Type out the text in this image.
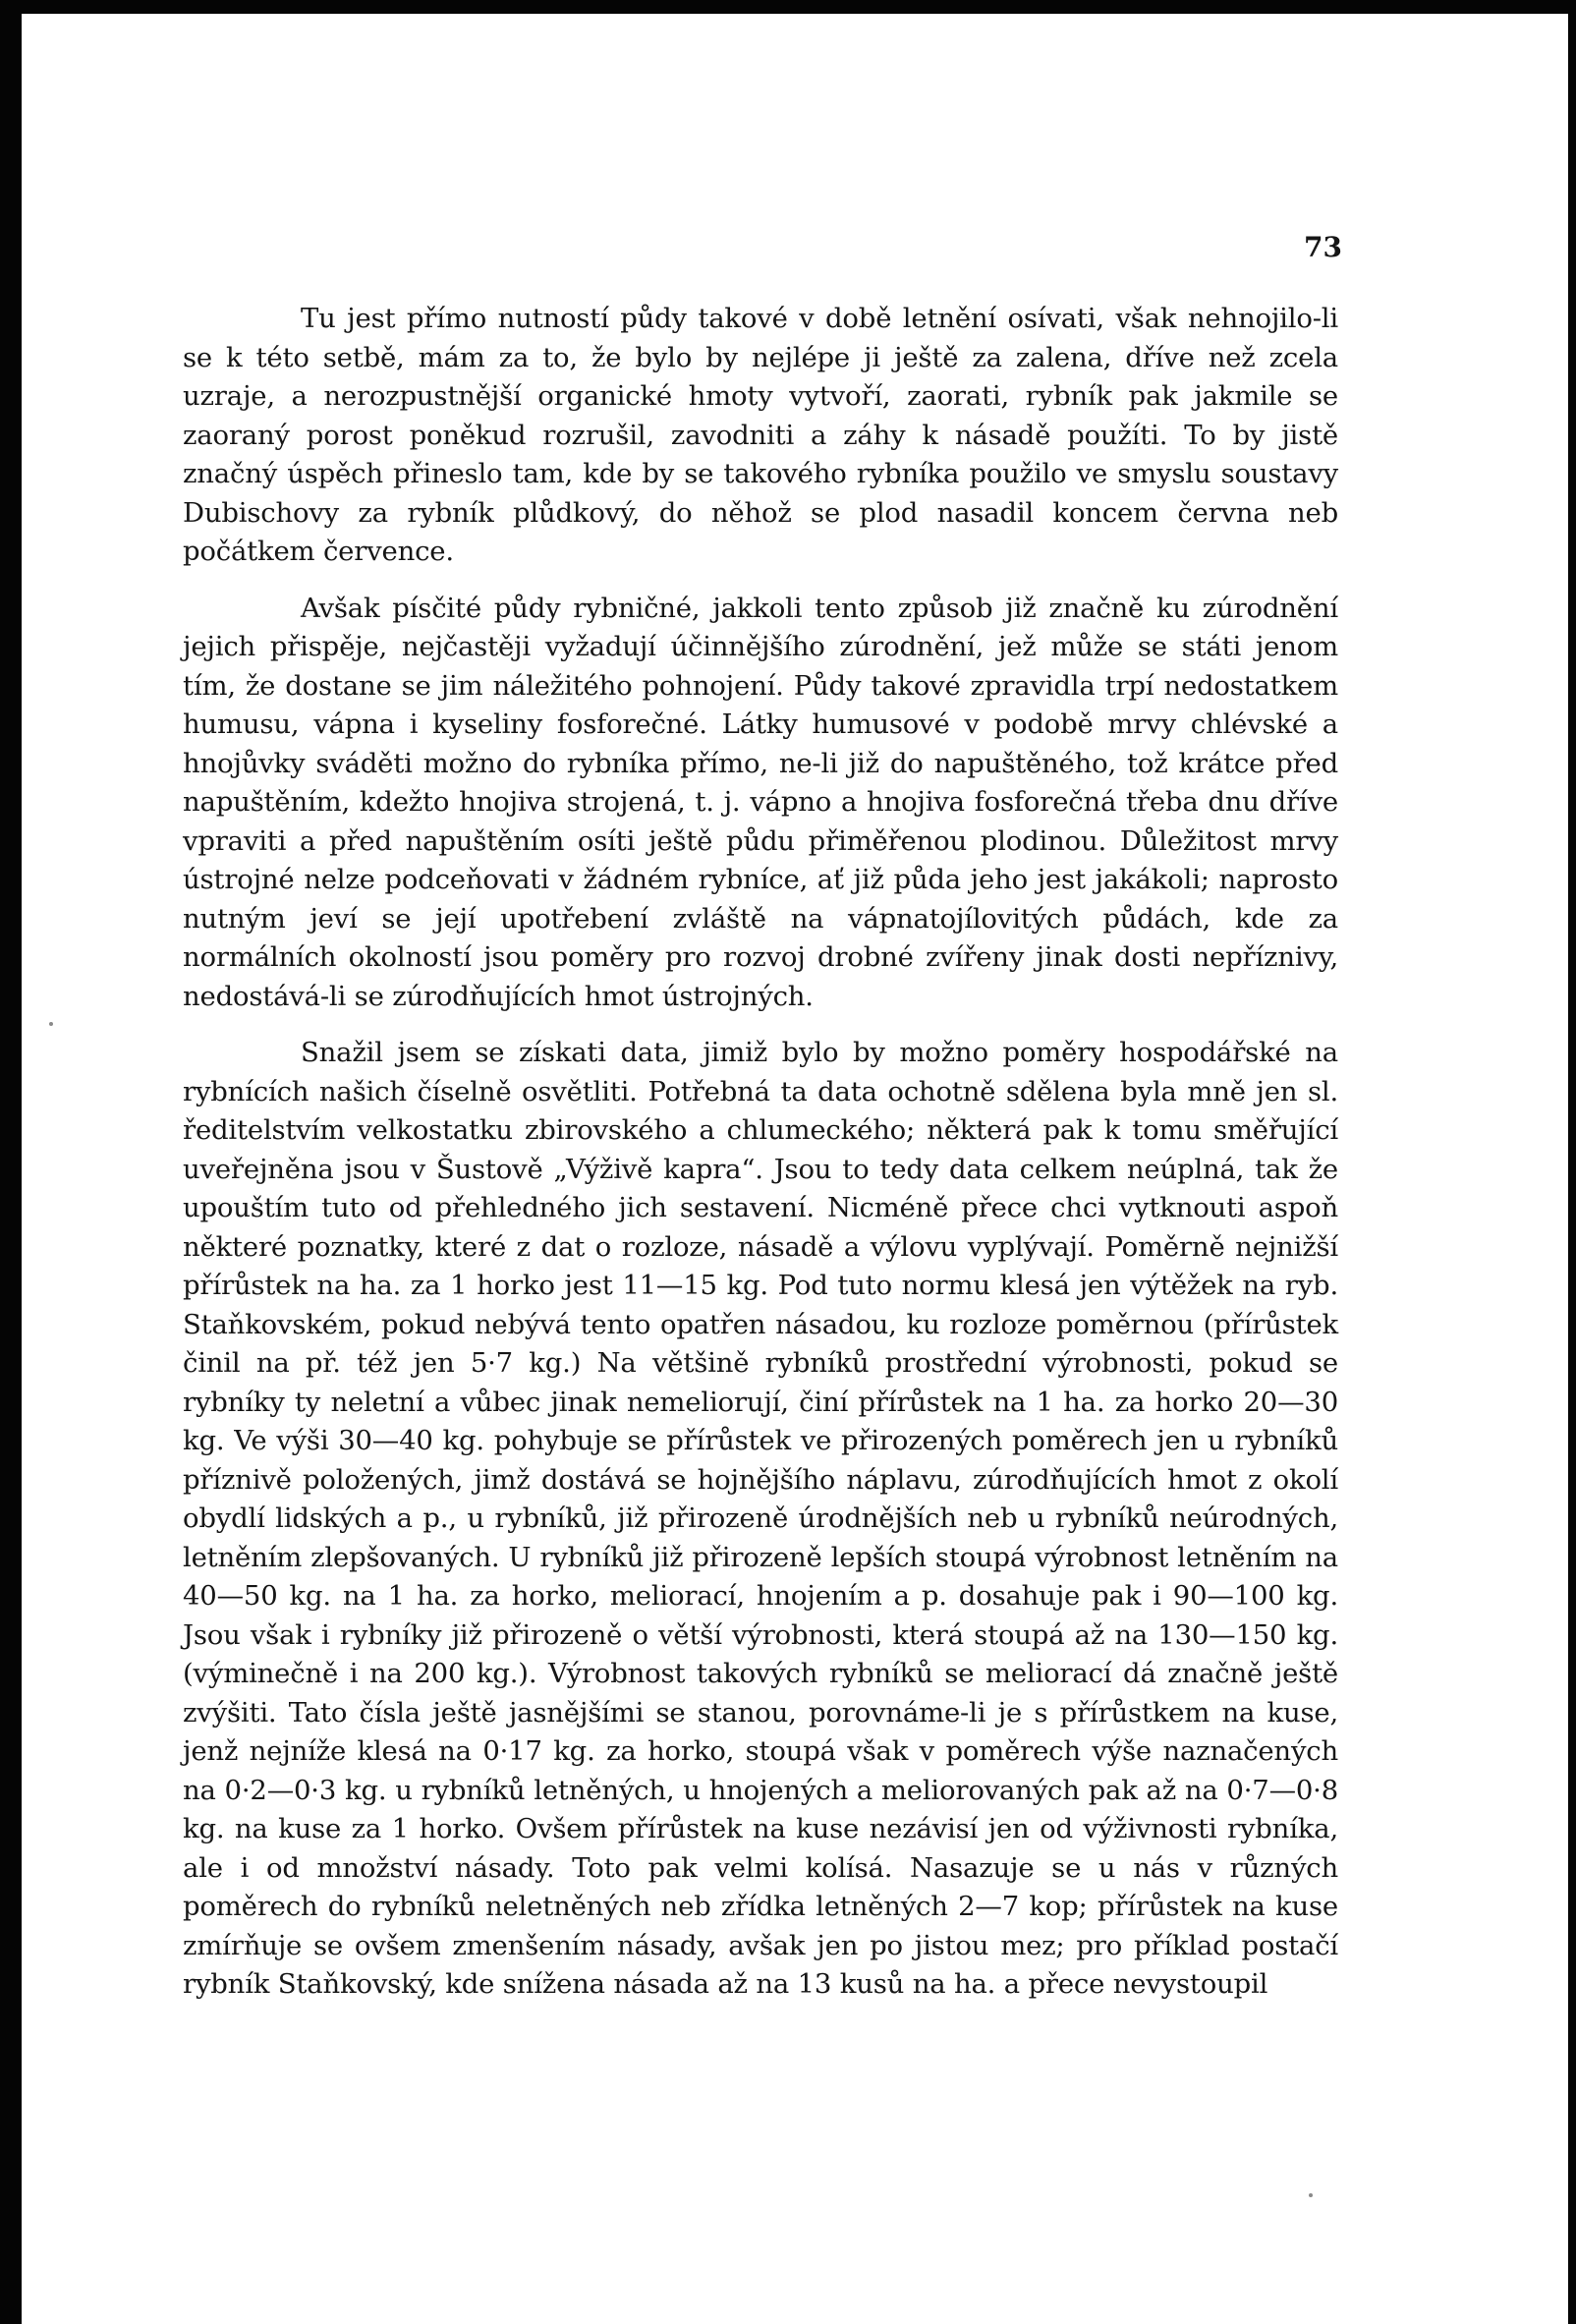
73

Tu jest přímo nutností půdy takové v době letnění osívati, však nehnojilo-li se k této setbě, mám za to, že bylo by nejlépe ji ještě za zalena, dříve než zcela uzraje, a nerozpustnější organické hmoty vytvoří, zaorati, rybník pak jakmile se zaoraný porost poněkud rozrušil, zavodniti a záhy k násadě použíti. To by jistě značný úspěch přineslo tam, kde by se takového rybníka použilo ve smyslu soustavy Dubischovy za rybník plůdkový, do něhož se plod nasadil koncem června neb počátkem července.

Avšak písčité půdy rybničné, jakkoli tento způsob již značně ku zúrodnění jejich přispěje, nejčastěji vyžadují účinnějšího zúrodnění, jež může se státi jenom tím, že dostane se jim náležitého pohnojení. Půdy takové zpravidla trpí nedostatkem humusu, vápna i kyseliny fosforečné. Látky humusové v podobě mrvy chlévské a hnojůvky sváděti možno do rybníka přímo, ne-li již do napuštěného, tož krátce před napuštěním, kdežto hnojiva strojená, t. j. vápno a hnojiva fosforečná třeba dnu dříve vpraviti a před napuštěním osíti ještě půdu přiměřenou plodinou. Důležitost mrvy ústrojné nelze podceňovati v žádném rybníce, ať již půda jeho jest jakákoli; naprosto nutným jeví se její upotřebení zvláště na vápnatojílovitých půdách, kde za normálních okolností jsou poměry pro rozvoj drobné zvířeny jinak dosti nepříznivy, nedostává-li se zúrodňujících hmot ústrojných.

Snažil jsem se získati data, jimiž bylo by možno poměry hospodářské na rybnících našich číselně osvětliti. Potřebná ta data ochotně sdělena byla mně jen sl. ředitelstvím velkostatku zbirovského a chlumeckého; některá pak k tomu směřující uveřejněna jsou v Šustově „Výživě kapra“. Jsou to tedy data celkem neúplná, tak že upouštím tuto od přehledného jich sestavení. Nicméně přece chci vytknouti aspoň některé poznatky, které z dat o rozloze, násadě a výlovu vyplývají. Poměrně nejnižší přírůstek na ha. za 1 horko jest 11—15 kg. Pod tuto normu klesá jen výtěžek na ryb. Staňkovském, pokud nebývá tento opatřen násadou, ku rozloze poměrnou (přírůstek činil na př. též jen 5·7 kg.) Na většině rybníků prostřední výrobnosti, pokud se rybníky ty neletní a vůbec jinak nemeliorují, činí přírůstek na 1 ha. za horko 20—30 kg. Ve výši 30—40 kg. pohybuje se přírůstek ve přirozených poměrech jen u rybníků příznivě položených, jimž dostává se hojnějšího náplavu, zúrodňujících hmot z okolí obydlí lidských a p., u rybníků, již přirozeně úrodnějších neb u rybníků neúrodných, letněním zlepšovaných. U rybníků již přirozeně lepších stoupá výrobnost letněním na 40—50 kg. na 1 ha. za horko, meliorací, hnojením a p. dosahuje pak i 90—100 kg. Jsou však i rybníky již přirozeně o větší výrobnosti, která stoupá až na 130—150 kg. (výminečně i na 200 kg.). Výrobnost takových rybníků se meliorací dá značně ještě zvýšiti. Tato čísla ještě jasnějšími se stanou, porovnáme-li je s přírůstkem na kuse, jenž nejníže klesá na 0·17 kg. za horko, stoupá však v poměrech výše naznačených na 0·2—0·3 kg. u rybníků letněných, u hnojených a meliorovaných pak až na 0·7—0·8 kg. na kuse za 1 horko. Ovšem přírůstek na kuse nezávisí jen od výživnosti rybníka, ale i od množství násady. Toto pak velmi kolísá. Nasazuje se u nás v různých poměrech do rybníků neletněných neb zřídka letněných 2—7 kop; přírůstek na kuse zmírňuje se ovšem zmenšením násady, avšak jen po jistou mez; pro příklad postačí rybník Staňkovský, kde snížena násada až na 13 kusů na ha. a přece nevystoupil
